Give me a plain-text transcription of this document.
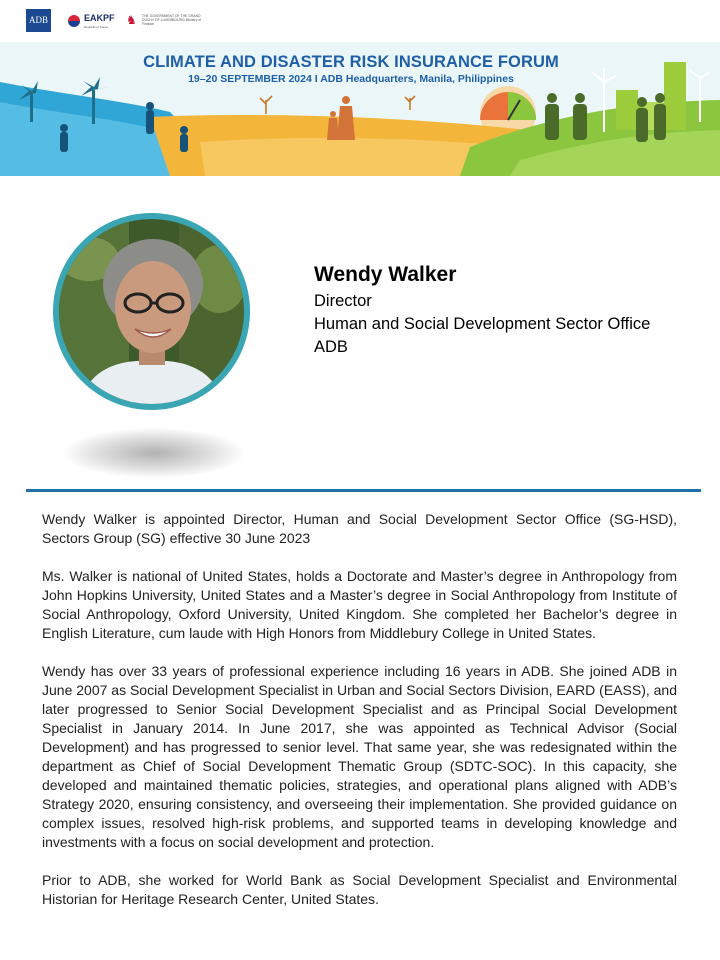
ADB	EAKPF
Republic of Korea ♞	THE GOVERNMENT OF THE GRAND DUCHY OF LUXEMBOURG Ministry of Finance
CLIMATE AND DISASTER RISK INSURANCE FORUM
19–20 SEPTEMBER 2024 I ADB Headquarters, Manila, Philippines
Wendy Walker
Director
Human and Social Development Sector Office
ADB

Wendy Walker is appointed Director, Human and Social Development Sector Office (SG-HSD), Sectors Group (SG) effective 30 June 2023

Ms. Walker is national of United States, holds a Doctorate and Master’s degree in Anthropology from John Hopkins University, United States and a Master’s degree in Social Anthropology from Institute of Social Anthropology, Oxford University, United Kingdom. She completed her Bachelor’s degree in English Literature, cum laude with High Honors from Middlebury College in United States.

Wendy has over 33 years of professional experience including 16 years in ADB. She joined ADB in June 2007 as Social Development Specialist in Urban and Social Sectors Division, EARD (EASS), and later progressed to Senior Social Development Specialist and as Principal Social Development Specialist in January 2014. In June 2017, she was appointed as Technical Advisor (Social Development) and has progressed to senior level. That same year, she was redesignated within the department as Chief of Social Development Thematic Group (SDTC-SOC). In this capacity, she developed and maintained thematic policies, strategies, and operational plans aligned with ADB’s Strategy 2020, ensuring consistency, and overseeing their implementation. She provided guidance on complex issues, resolved high-risk problems, and supported teams in developing knowledge and investments with a focus on social development and protection.

Prior to ADB, she worked for World Bank as Social Development Specialist and Environmental Historian for Heritage Research Center, United States.
